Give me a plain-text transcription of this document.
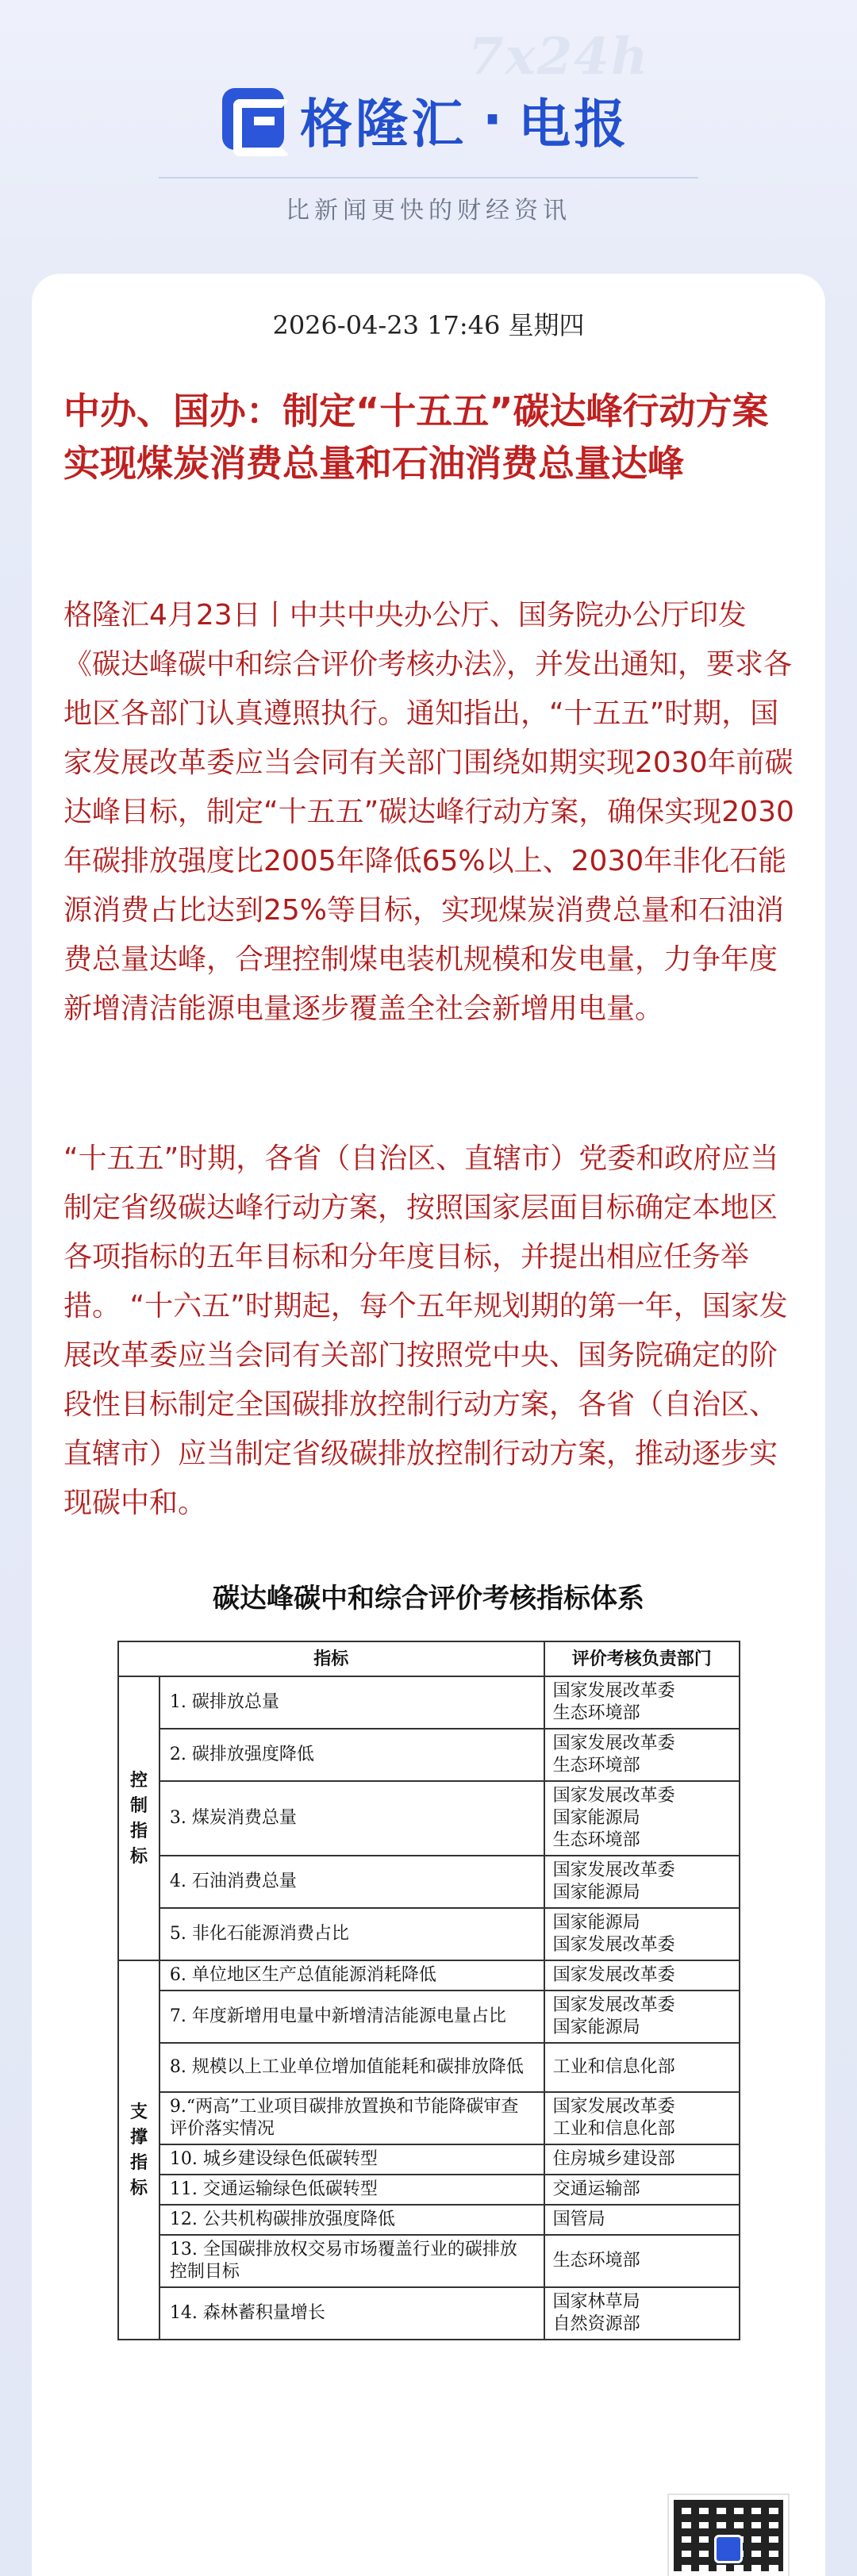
7x24h
格隆汇 · 电报
比新闻更快的财经资讯
2026-04-23 17:46 星期四
中办、国办：制定“十五五”碳达峰行动方案 实现煤炭消费总量和石油消费总量达峰
格隆汇4月23日丨中共中央办公厅、国务院办公厅印发《碳达峰碳中和综合评价考核办法》，并发出通知，要求各地区各部门认真遵照执行。通知指出，“十五五”时期，国家发展改革委应当会同有关部门围绕如期实现2030年前碳达峰目标，制定“十五五”碳达峰行动方案，确保实现2030年碳排放强度比2005年降低65%以上、2030年非化石能源消费占比达到25%等目标，实现煤炭消费总量和石油消费总量达峰，合理控制煤电装机规模和发电量，力争年度新增清洁能源电量逐步覆盖全社会新增用电量。
“十五五”时期，各省（自治区、直辖市）党委和政府应当制定省级碳达峰行动方案，按照国家层面目标确定本地区各项指标的五年目标和分年度目标，并提出相应任务举措。 “十六五”时期起，每个五年规划期的第一年，国家发展改革委应当会同有关部门按照党中央、国务院确定的阶段性目标制定全国碳排放控制行动方案，各省（自治区、直辖市）应当制定省级碳排放控制行动方案，推动逐步实现碳中和。
碳达峰碳中和综合评价考核指标体系
指标		评价考核负责部门

控制指标	1. 碳排放总量	国家发展改革委
生态环境部
	2. 碳排放强度降低	国家发展改革委
生态环境部
	3. 煤炭消费总量	国家发展改革委
国家能源局
生态环境部
	4. 石油消费总量	国家发展改革委
国家能源局
	5. 非化石能源消费占比	国家能源局
国家发展改革委

支撑指标	6. 单位地区生产总值能源消耗降低	国家发展改革委
	7. 年度新增用电量中新增清洁能源电量占比	国家发展改革委
国家能源局
	8. 规模以上工业单位增加值能耗和碳排放降低	工业和信息化部
	9.“两高”工业项目碳排放置换和节能降碳审查评价落实情况	国家发展改革委
工业和信息化部
	10. 城乡建设绿色低碳转型	住房城乡建设部
	11. 交通运输绿色低碳转型	交通运输部
	12. 公共机构碳排放强度降低	国管局
	13. 全国碳排放权交易市场覆盖行业的碳排放控制目标	生态环境部
	14. 森林蓄积量增长	国家林草局
自然资源部
